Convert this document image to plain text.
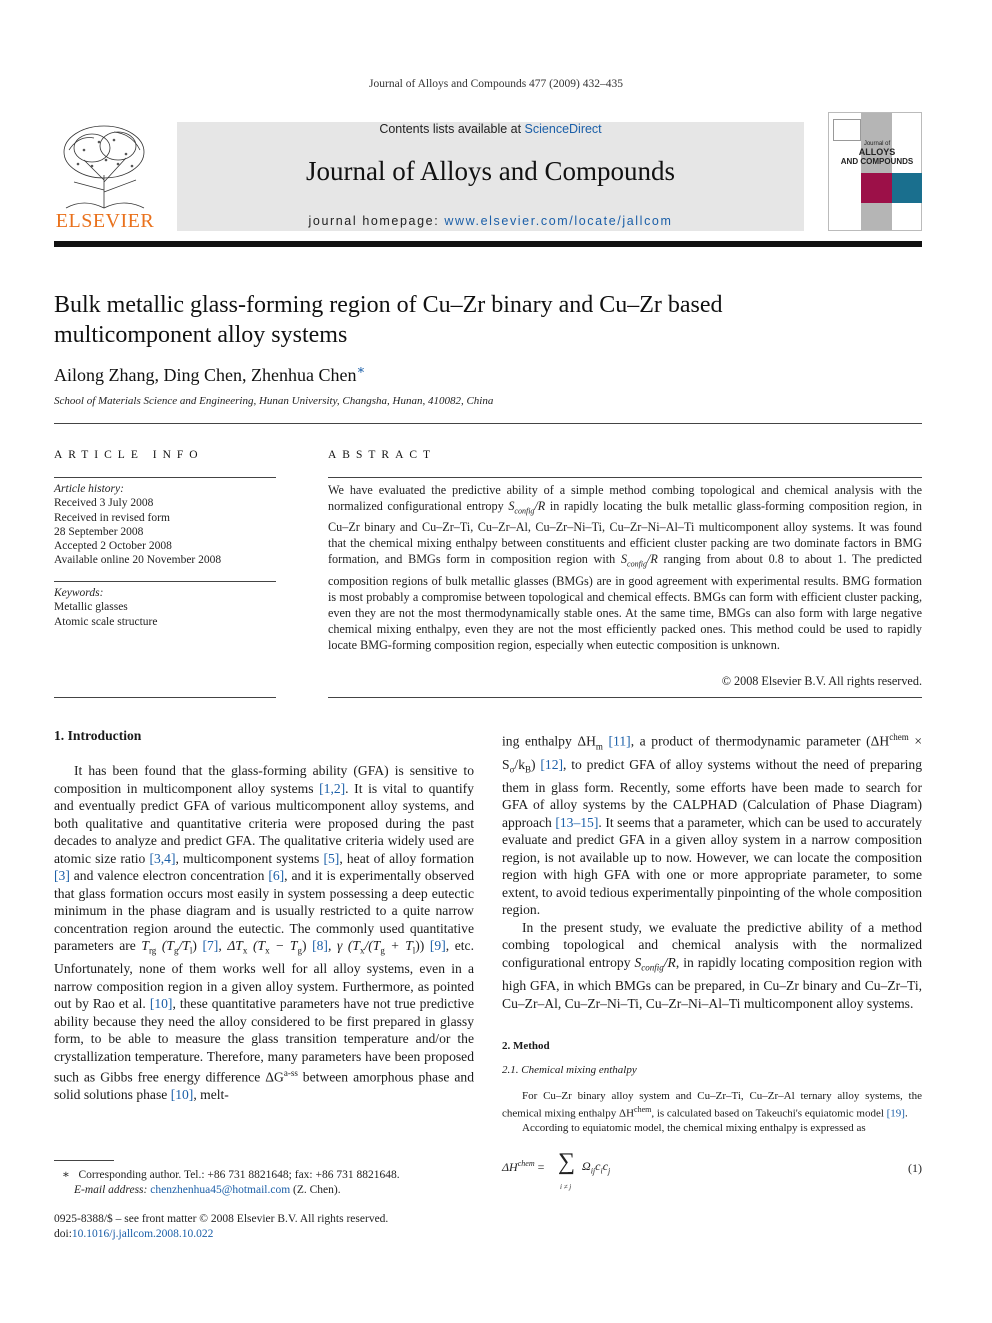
Journal of Alloys and Compounds 477 (2009) 432–435
ELSEVIER
Contents lists available at ScienceDirect
Journal of Alloys and Compounds
journal homepage: www.elsevier.com/locate/jallcom
Journal of
ALLOYS
AND COMPOUNDS
Bulk metallic glass-forming region of Cu–Zr binary and Cu–Zr based multicomponent alloy systems
Ailong Zhang, Ding Chen, Zhenhua Chen∗
School of Materials Science and Engineering, Hunan University, Changsha, Hunan, 410082, China
ARTICLE INFO
Article history:
Received 3 July 2008
Received in revised form
28 September 2008
Accepted 2 October 2008
Available online 20 November 2008
Keywords:
Metallic glasses
Atomic scale structure
ABSTRACT
We have evaluated the predictive ability of a simple method combing topological and chemical analysis with the normalized configurational entropy $S_{config}/R$ in rapidly locating the bulk metallic glass-forming composition region, in Cu–Zr binary and Cu–Zr–Ti, Cu–Zr–Al, Cu–Zr–Ni–Ti, Cu–Zr–Ni–Al–Ti multicomponent alloy systems. It was found that the chemical mixing enthalpy between constituents and efficient cluster packing are two dominate factors in BMG formation, and BMGs form in composition region with $S_{config}/R$ ranging from about 0.8 to about 1. The predicted composition regions of bulk metallic glasses (BMGs) are in good agreement with experimental results. BMG formation is most probably a compromise between topological and chemical effects. BMGs can form with efficient cluster packing, even they are not the most thermodynamically stable ones. At the same time, BMGs can also form with large negative chemical mixing enthalpy, even they are not the most efficiently packed ones. This method could be used to rapidly locate BMG-forming composition region, especially when eutectic composition is unknown.
© 2008 Elsevier B.V. All rights reserved.
1. Introduction

It has been found that the glass-forming ability (GFA) is sensitive to composition in multicomponent alloy systems [1,2]. It is vital to quantify and eventually predict GFA of various multicomponent alloy systems, and both qualitative and quantitative criteria were proposed during the past decades to analyze and predict GFA. The qualitative criteria widely used are atomic size ratio [3,4], multicomponent systems [5], heat of alloy formation [3] and valence electron concentration [6], and it is experimentally observed that glass formation occurs most easily in system possessing a deep eutectic minimum in the phase diagram and is usually restricted to a quite narrow concentration region around the eutectic. The commonly used quantitative parameters are $T_{rg}$ $(T_g/T_l)$ [7], $\Delta T_x$ $(T_x - T_g)$ [8], γ $(T_x/(T_g + T_l))$ [9], etc. Unfortunately, none of them works well for all alloy systems, even in a narrow composition region in a given alloy system. Furthermore, as pointed out by Rao et al. [10], these quantitative parameters have not true predictive ability because they need the alloy considered to be first prepared in glassy form, to be able to measure the glass transition temperature and/or the crystallization temperature. Therefore, many parameters have been proposed such as Gibbs free energy difference $\Delta G^{a-ss}$ between amorphous phase and solid solutions phase [10], melt-

ing enthalpy $\Delta H_m$ [11], a product of thermodynamic parameter $(\Delta H^{chem} \times S_\sigma/k_B)$ [12], to predict GFA of alloy systems without the need of preparing them in glass form. Recently, some efforts have been made to search for GFA of alloy systems by the CALPHAD (Calculation of Phase Diagram) approach [13–15]. It seems that a parameter, which can be used to accurately evaluate and predict GFA in a given alloy system in a narrow composition region, is not available up to now. However, we can locate the composition region with high GFA with one or more appropriate parameter, to some extent, to avoid tedious experimentally pinpointing of the whole composition region.

In the present study, we evaluate the predictive ability of a method combing topological and chemical analysis with the normalized configurational entropy $S_{config}/R$, in rapidly locating composition region with high GFA, in which BMGs can be prepared, in Cu–Zr binary and Cu–Zr–Ti, Cu–Zr–Al, Cu–Zr–Ni–Ti, Cu–Zr–Ni–Al–Ti multicomponent alloy systems.

2. Method
2.1. Chemical mixing enthalpy

For Cu–Zr binary alloy system and Cu–Zr–Ti, Cu–Zr–Al ternary alloy systems, the chemical mixing enthalpy $\Delta H^{chem}$, is calculated based on Takeuchi's equiatomic model [19].

According to equiatomic model, the chemical mixing enthalpy is expressed as

$\Delta H^{chem}$ = ∑
i ≠ j
$\Omega_{ij}c_ic_j$	(1)
∗ Corresponding author. Tel.: +86 731 8821648; fax: +86 731 8821648.
E-mail address: chenzhenhua45@hotmail.com (Z. Chen).
0925-8388/$ – see front matter © 2008 Elsevier B.V. All rights reserved.
doi:10.1016/j.jallcom.2008.10.022
